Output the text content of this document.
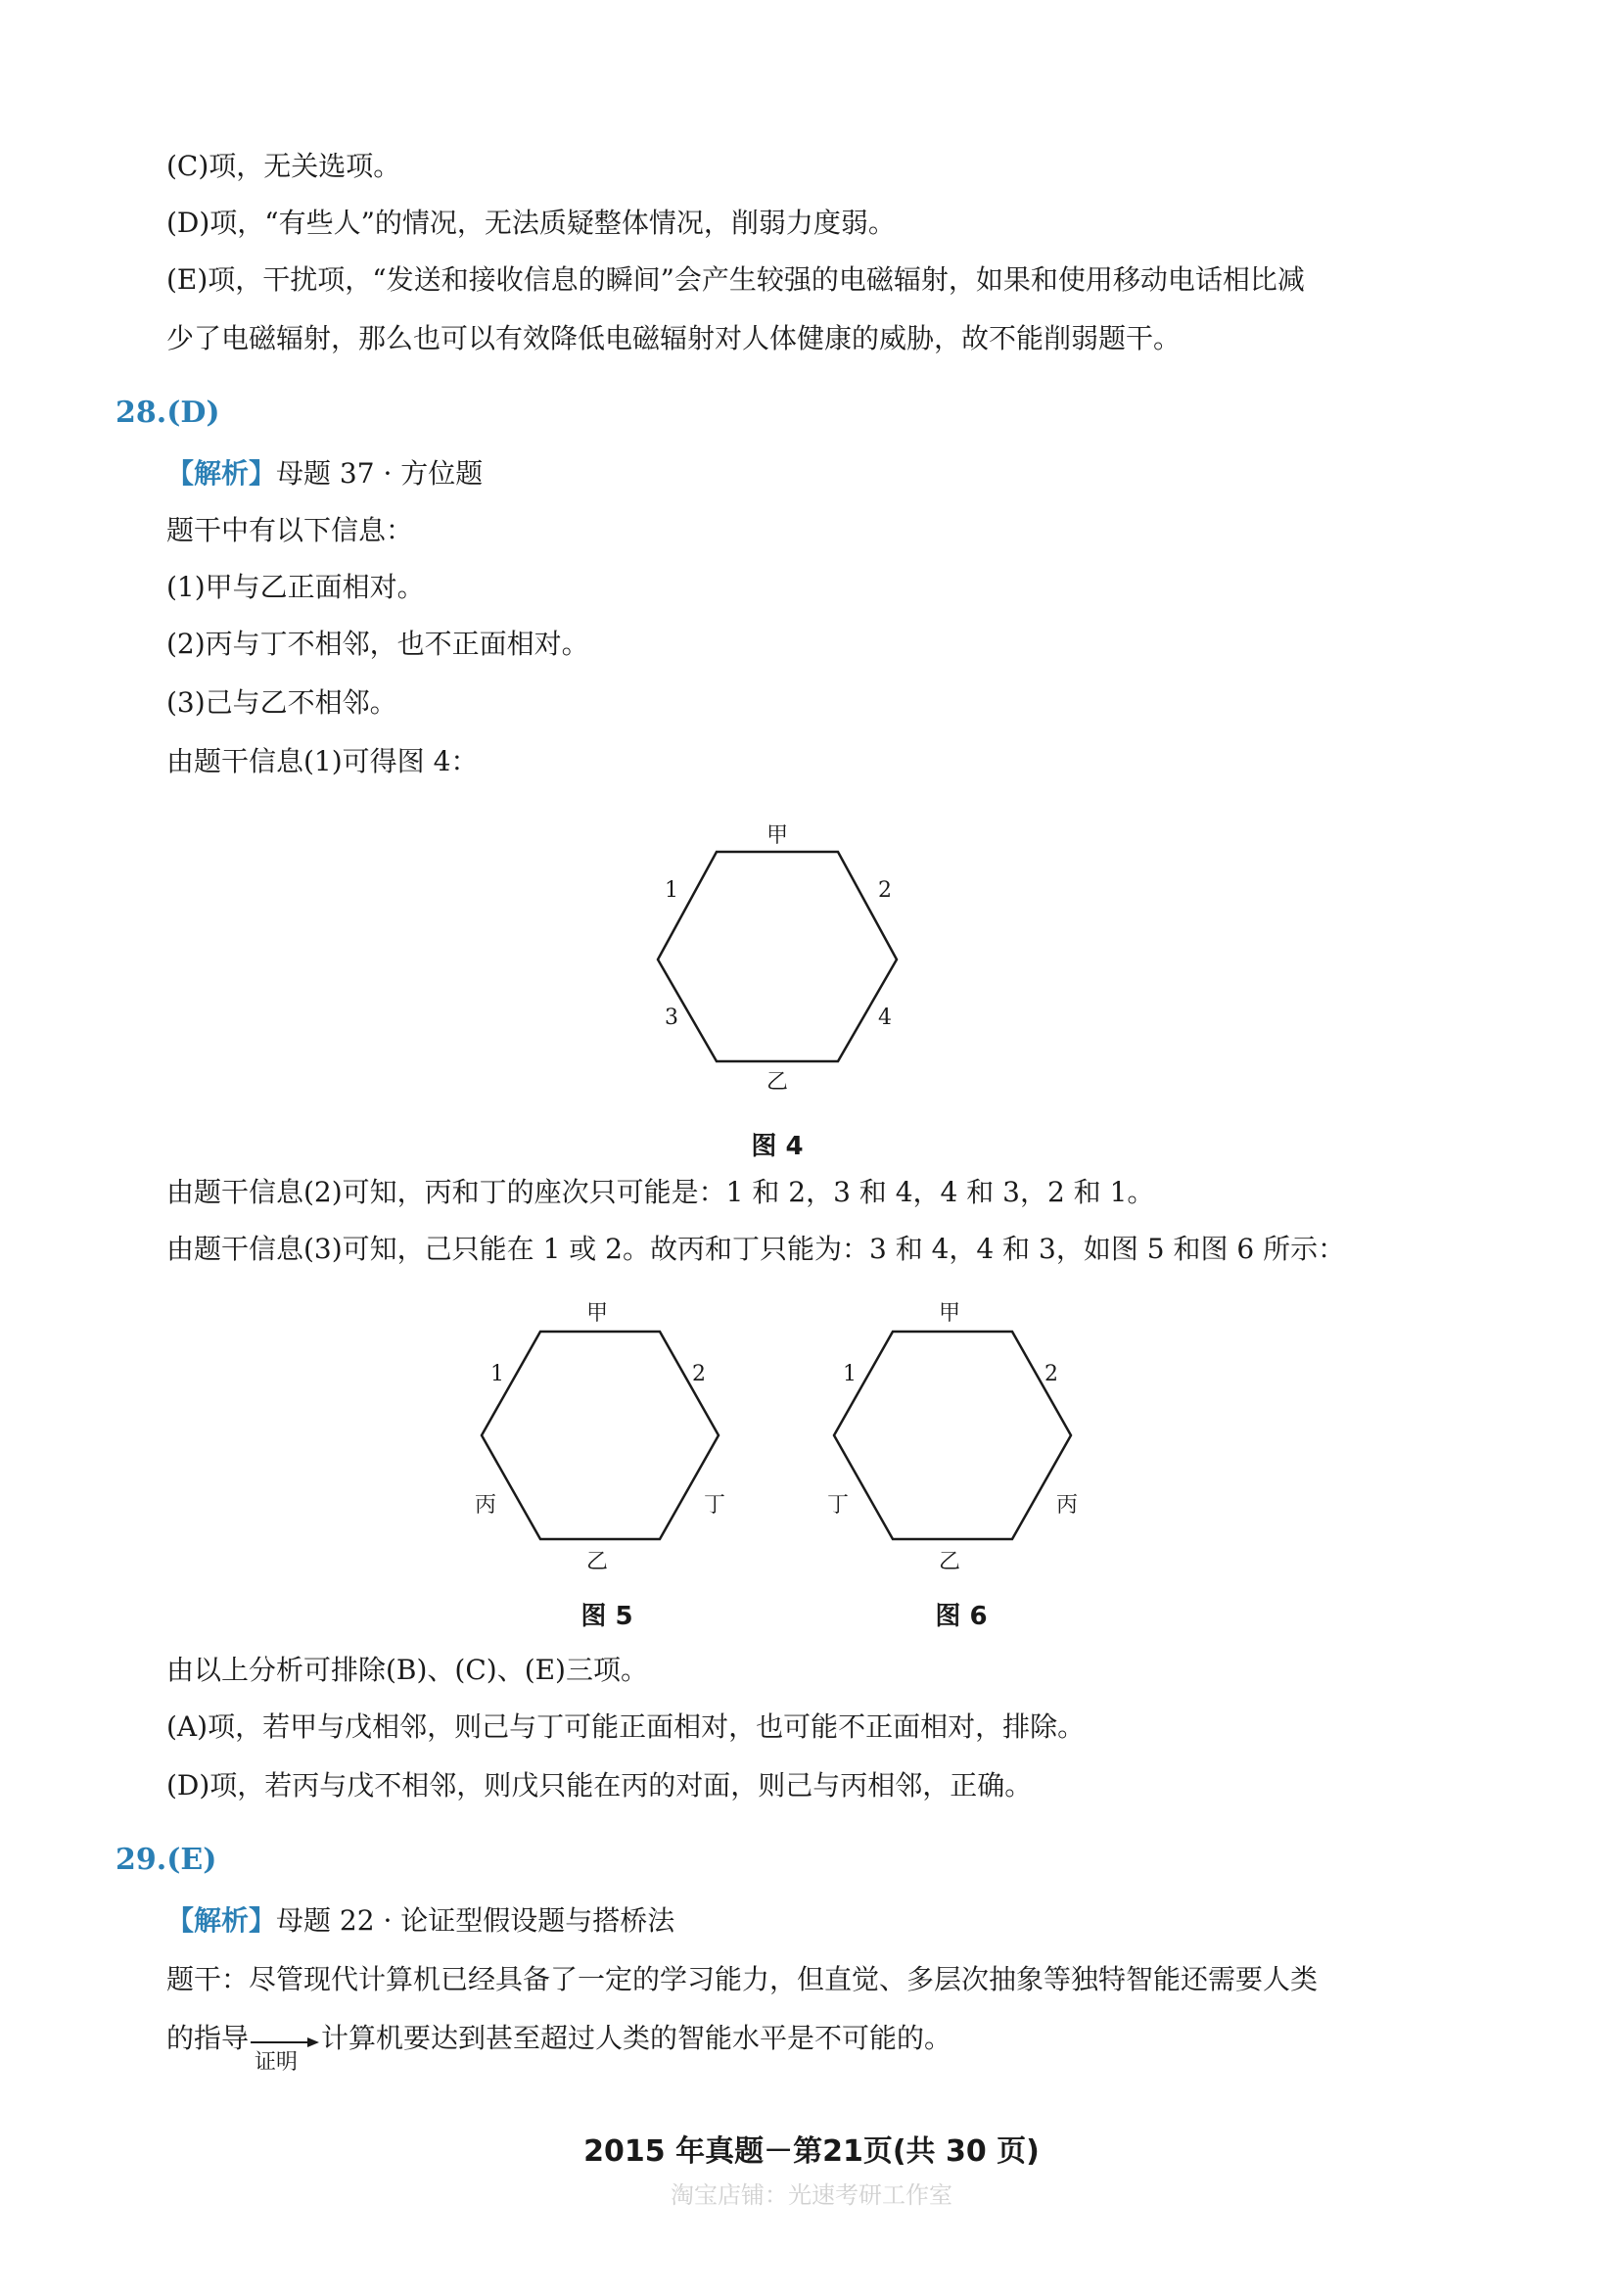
(C)项，无关选项。
(D)项，“有些人”的情况，无法质疑整体情况，削弱力度弱。
(E)项，干扰项，“发送和接收信息的瞬间”会产生较强的电磁辐射，如果和使用移动电话相比减
少了电磁辐射，那么也可以有效降低电磁辐射对人体健康的威胁，故不能削弱题干。
28.(D)
【解析】母题 37 · 方位题
题干中有以下信息：
(1)甲与乙正面相对。
(2)丙与丁不相邻，也不正面相对。
(3)己与乙不相邻。
由题干信息(1)可得图 4：
甲
1	2
3	4
乙
图 4
由题干信息(2)可知，丙和丁的座次只可能是：1 和 2，3 和 4，4 和 3，2 和 1。
由题干信息(3)可知，己只能在 1 或 2。故丙和丁只能为：3 和 4，4 和 3，如图 5 和图 6 所示：
甲
1	2
丙	丁
乙
图 5
甲
1	2
丁	丙
乙
图 6
由以上分析可排除(B)、(C)、(E)三项。
(A)项，若甲与戊相邻，则己与丁可能正面相对，也可能不正面相对，排除。
(D)项，若丙与戊不相邻，则戊只能在丙的对面，则己与丙相邻，正确。
29.(E)
【解析】母题 22 · 论证型假设题与搭桥法
题干：尽管现代计算机已经具备了一定的学习能力，但直觉、多层次抽象等独特智能还需要人类
的指导
证明
计算机要达到甚至超过人类的智能水平是不可能的。
2015 年真题－第21页(共 30 页)
淘宝店铺：光速考研工作室
